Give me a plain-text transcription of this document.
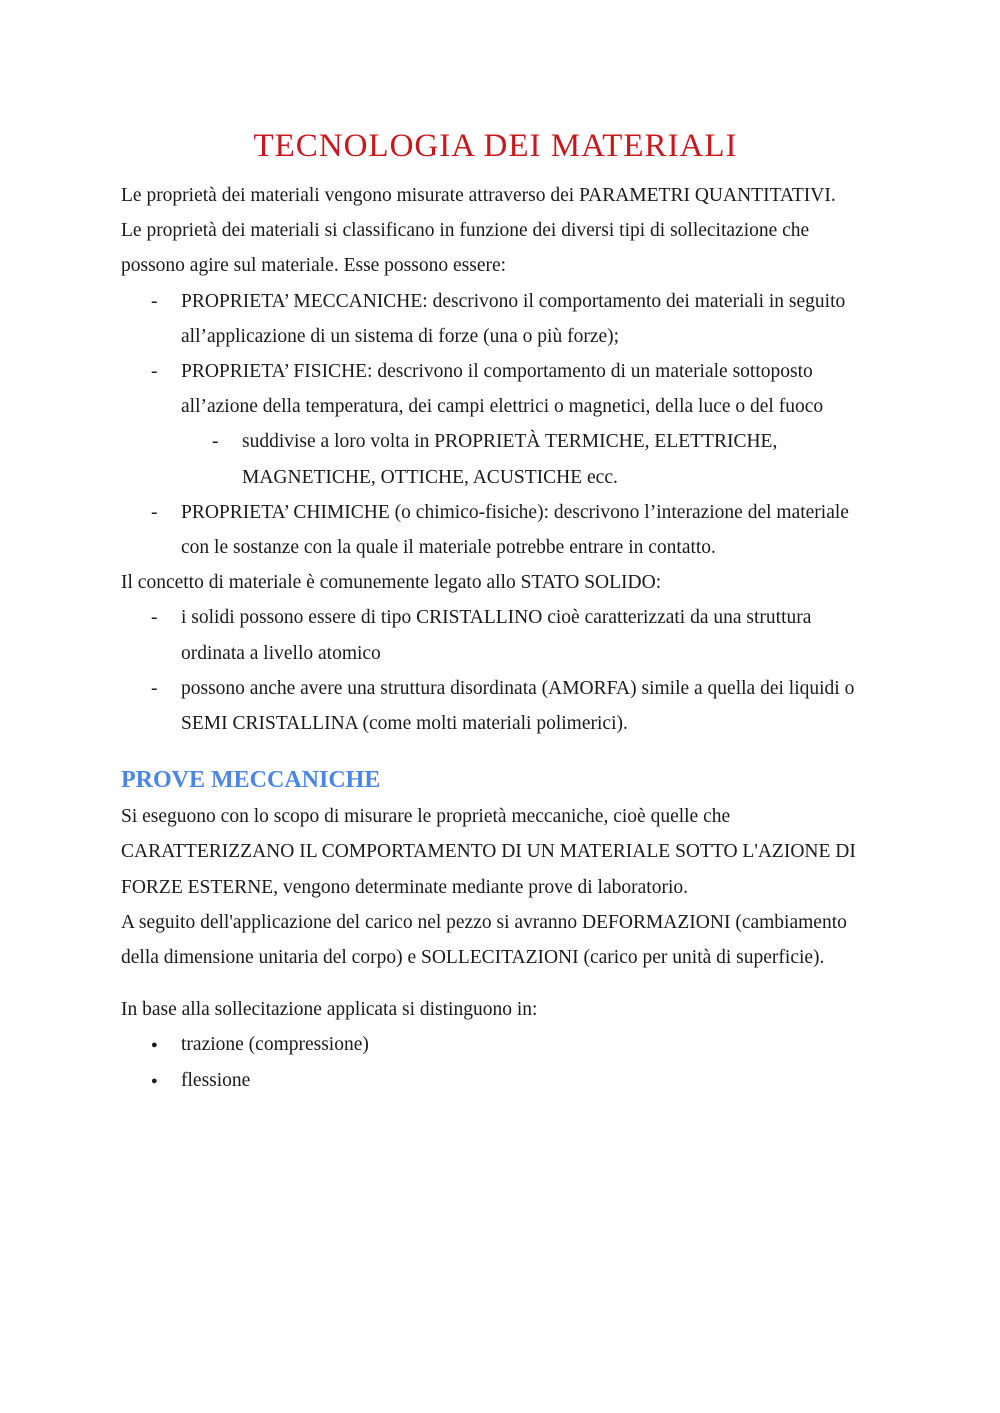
TECNOLOGIA DEI MATERIALI

Le proprietà dei materiali vengono misurate attraverso dei PARAMETRI QUANTITATIVI.

Le proprietà dei materiali si classificano in funzione dei diversi tipi di sollecitazione che possono agire sul materiale. Esse possono essere:

- PROPRIETA’ MECCANICHE: descrivono il comportamento dei materiali in seguito all’applicazione di un sistema di forze (una o più forze);
- PROPRIETA’ FISICHE: descrivono il comportamento di un materiale sottoposto all’azione della temperatura, dei campi elettrici o magnetici, della luce o del fuoco
- suddivise a loro volta in PROPRIETÀ TERMICHE, ELETTRICHE, MAGNETICHE, OTTICHE, ACUSTICHE ecc.
- PROPRIETA’ CHIMICHE (o chimico-fisiche): descrivono l’interazione del materiale con le sostanze con la quale il materiale potrebbe entrare in contatto.

Il concetto di materiale è comunemente legato allo STATO SOLIDO:

- i solidi possono essere di tipo CRISTALLINO cioè caratterizzati da una struttura ordinata a livello atomico
- possono anche avere una struttura disordinata (AMORFA) simile a quella dei liquidi o SEMI CRISTALLINA (come molti materiali polimerici).
PROVE MECCANICHE

Si eseguono con lo scopo di misurare le proprietà meccaniche, cioè quelle che CARATTERIZZANO IL COMPORTAMENTO DI UN MATERIALE SOTTO L'AZIONE DI FORZE ESTERNE, vengono determinate mediante prove di laboratorio.

A seguito dell'applicazione del carico nel pezzo si avranno DEFORMAZIONI (cambiamento della dimensione unitaria del corpo) e SOLLECITAZIONI (carico per unità di superficie).

In base alla sollecitazione applicata si distinguono in:

● trazione (compressione)
● flessione
